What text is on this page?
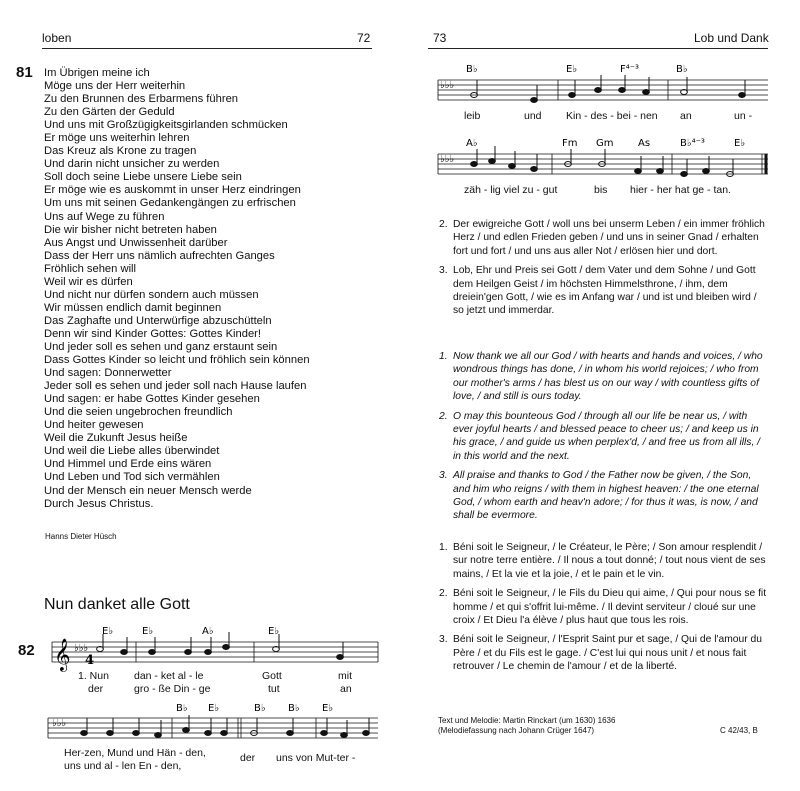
loben	72
81 Im Übrigen meine ich
Möge uns der Herr weiterhin
Zu den Brunnen des Erbarmens führen
Zu den Gärten der Geduld
Und uns mit Großzügigkeitsgirlanden schmücken
Er möge uns weiterhin lehren
Das Kreuz als Krone zu tragen
Und darin nicht unsicher zu werden
Soll doch seine Liebe unsere Liebe sein
Er möge wie es auskommt in unser Herz eindringen
Um uns mit seinen Gedankengängen zu erfrischen
Uns auf Wege zu führen
Die wir bisher nicht betreten haben
Aus Angst und Unwissenheit darüber
Dass der Herr uns nämlich aufrechten Ganges
Fröhlich sehen will
Weil wir es dürfen
Und nicht nur dürfen sondern auch müssen
Wir müssen endlich damit beginnen
Das Zaghafte und Unterwürfige abzuschütteln
Denn wir sind Kinder Gottes: Gottes Kinder!
Und jeder soll es sehen und ganz erstaunt sein
Dass Gottes Kinder so leicht und fröhlich sein können
Und sagen: Donnerwetter
Jeder soll es sehen und jeder soll nach Hause laufen
Und sagen: er habe Gottes Kinder gesehen
Und die seien ungebrochen freundlich
Und heiter gewesen
Weil die Zukunft Jesus heiße
Und weil die Liebe alles überwindet
Und Himmel und Erde eins wären
Und Leben und Tod sich vermählen
Und der Mensch ein neuer Mensch werde
Durch Jesus Christus.
Hanns Dieter Hüsch
Nun danket alle Gott
82
E♭	E♭	A♭	E♭
𝄞 ♭♭♭
4
1. Nun dan - ket al - le	Gott	mit
der	gro - ße Din - ge	tut	an
B♭ E♭	B♭ B♭ E♭
♭♭♭
Her-zen, Mund und Hän - den,	der uns von Mut-ter -
uns und al - len En - den,
73	Lob und Dank
B♭	E♭	F⁴⁻³	B♭
♭♭♭
leib	und Kin - des - bei - nen an	un -
A♭	Fm Gm As	B♭⁴⁻³	E♭
♭♭♭
zäh - lig viel zu - gut	bis hier - her hat ge - tan.
2. Der ewigreiche Gott / woll uns bei unserm Leben / ein immer fröhlich Herz / und edlen Frieden geben / und uns in seiner Gnad / erhalten fort und fort / und uns aus aller Not / erlösen hier und dort.
3. Lob, Ehr und Preis sei Gott / dem Vater und dem Sohne / und Gott dem Heilgen Geist / im höchsten Himmelsthrone, / ihm, dem dreiein'gen Gott, / wie es im Anfang war / und ist und bleiben wird / so jetzt und immerdar.
1. Now thank we all our God / with hearts and hands and voices, / who wondrous things has done, / in whom his world rejoices; / who from our mother's arms / has blest us on our way / with countless gifts of love, / and still is ours today.
2. O may this bounteous God / through all our life be near us, / with ever joyful hearts / and blessed peace to cheer us; / and keep us in his grace, / and guide us when perplex'd, / and free us from all ills, / in this world and the next.
3. All praise and thanks to God / the Father now be given, / the Son, and him who reigns / with them in highest heaven: / the one eternal God, / whom earth and heav'n adore; / for thus it was, is now, / and shall be evermore.
1. Béni soit le Seigneur, / le Créateur, le Père; / Son amour resplendit / sur notre terre entière. / Il nous a tout donné; / tout nous vient de ses mains, / Et la vie et la joie, / et le pain et le vin.
2. Béni soit le Seigneur, / le Fils du Dieu qui aime, / Qui pour nous se fit homme / et qui s'offrit lui-même. / Il devint serviteur / cloué sur une croix / Et Dieu l'a élève / plus haut que tous les rois.
3. Béni soit le Seigneur, / l'Esprit Saint pur et sage, / Qui de l'amour du Père / et du Fils est le gage. / C'est lui qui nous unit / et nous fait retrouver / Le chemin de l'amour / et de la liberté.
Text und Melodie: Martin Rinckart (um 1630) 1636
(Melodiefassung nach Johann Crüger 1647)	C 42/43, B
